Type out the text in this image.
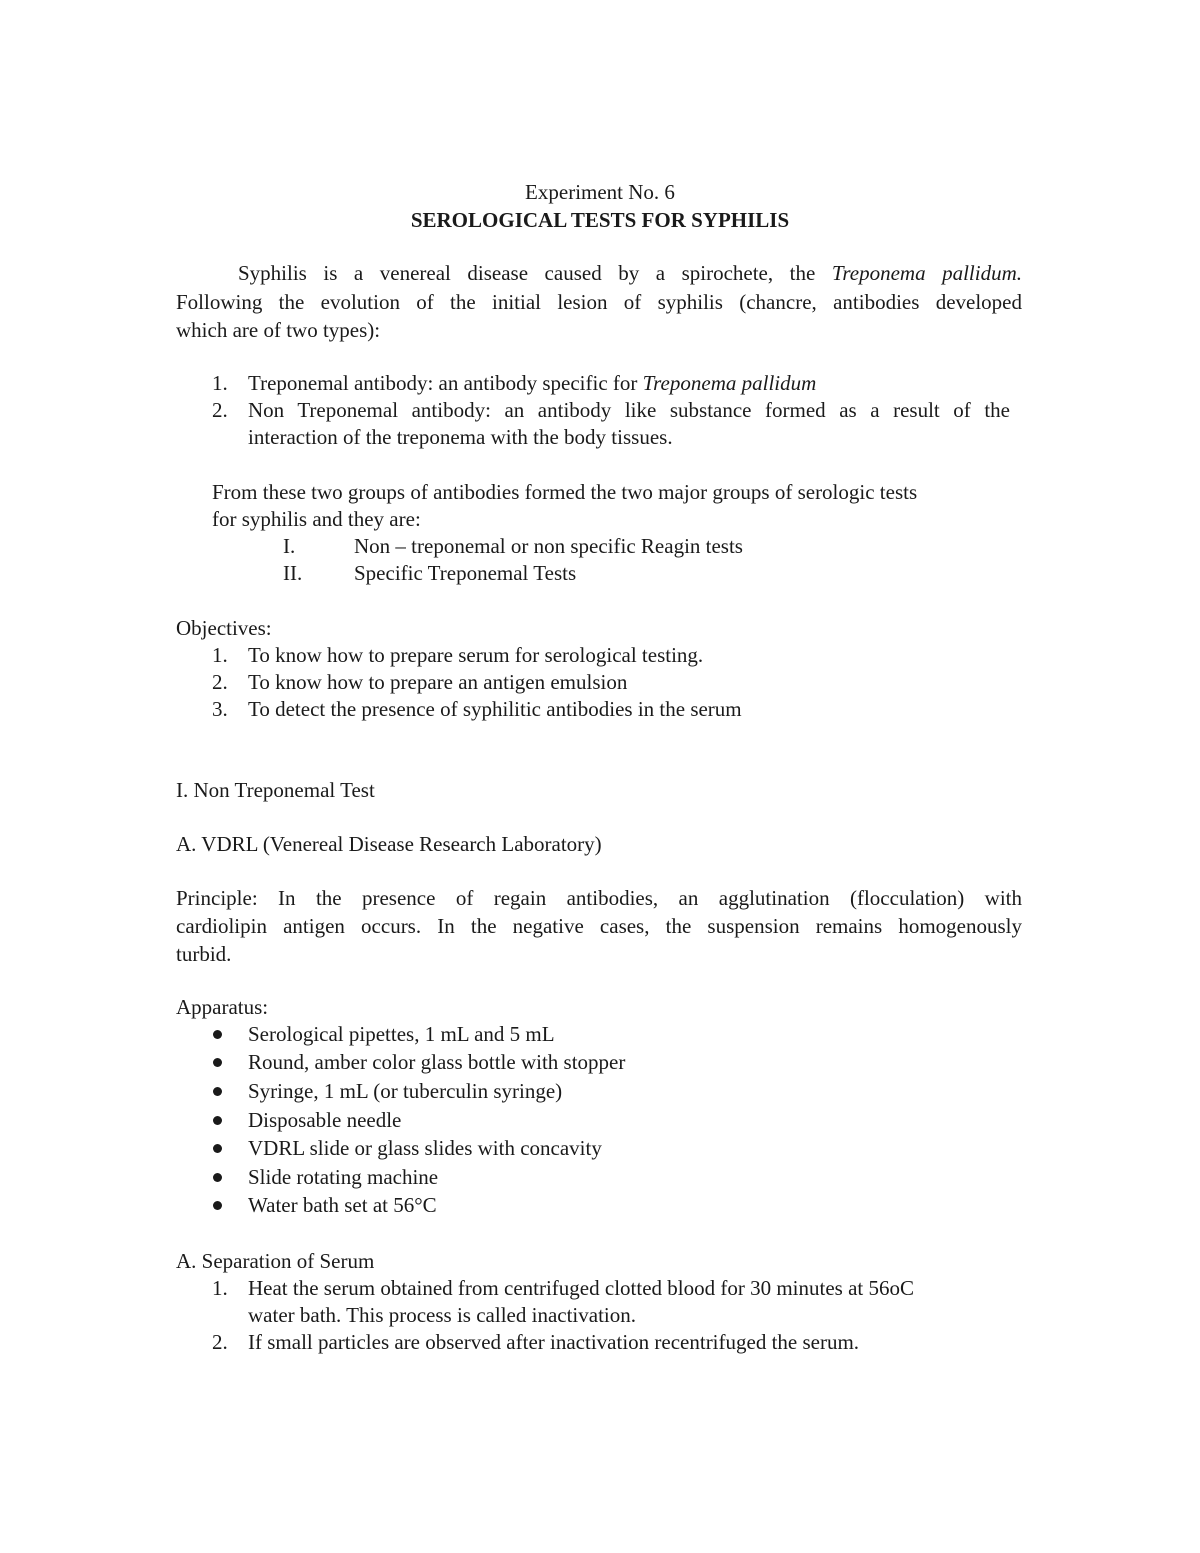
Experiment No. 6
SEROLOGICAL TESTS FOR SYPHILIS
Syphilis is a venereal disease caused by a spirochete, the Treponema pallidum.
Following the evolution of the initial lesion of syphilis (chancre, antibodies developed
which are of two types):
1. Treponemal antibody: an antibody specific for Treponema pallidum
2. Non Treponemal antibody: an antibody like substance formed as a result of the
interaction of the treponema with the body tissues.
From these two groups of antibodies formed the two major groups of serologic tests
for syphilis and they are:
I.	Non – treponemal or non specific Reagin tests
II. Specific Treponemal Tests
Objectives:
1. To know how to prepare serum for serological testing.
2. To know how to prepare an antigen emulsion
3. To detect the presence of syphilitic antibodies in the serum
I. Non Treponemal Test
A. VDRL (Venereal Disease Research Laboratory)
Principle: In the presence of regain antibodies, an agglutination (flocculation) with
cardiolipin antigen occurs. In the negative cases, the suspension remains homogenously
turbid.
Apparatus:
Serological pipettes, 1 mL and 5 mL
Round, amber color glass bottle with stopper
Syringe, 1 mL (or tuberculin syringe)
Disposable needle
VDRL slide or glass slides with concavity
Slide rotating machine
Water bath set at 56°C
A. Separation of Serum
1. Heat the serum obtained from centrifuged clotted blood for 30 minutes at 56oC
water bath. This process is called inactivation.
2. If small particles are observed after inactivation recentrifuged the serum.
